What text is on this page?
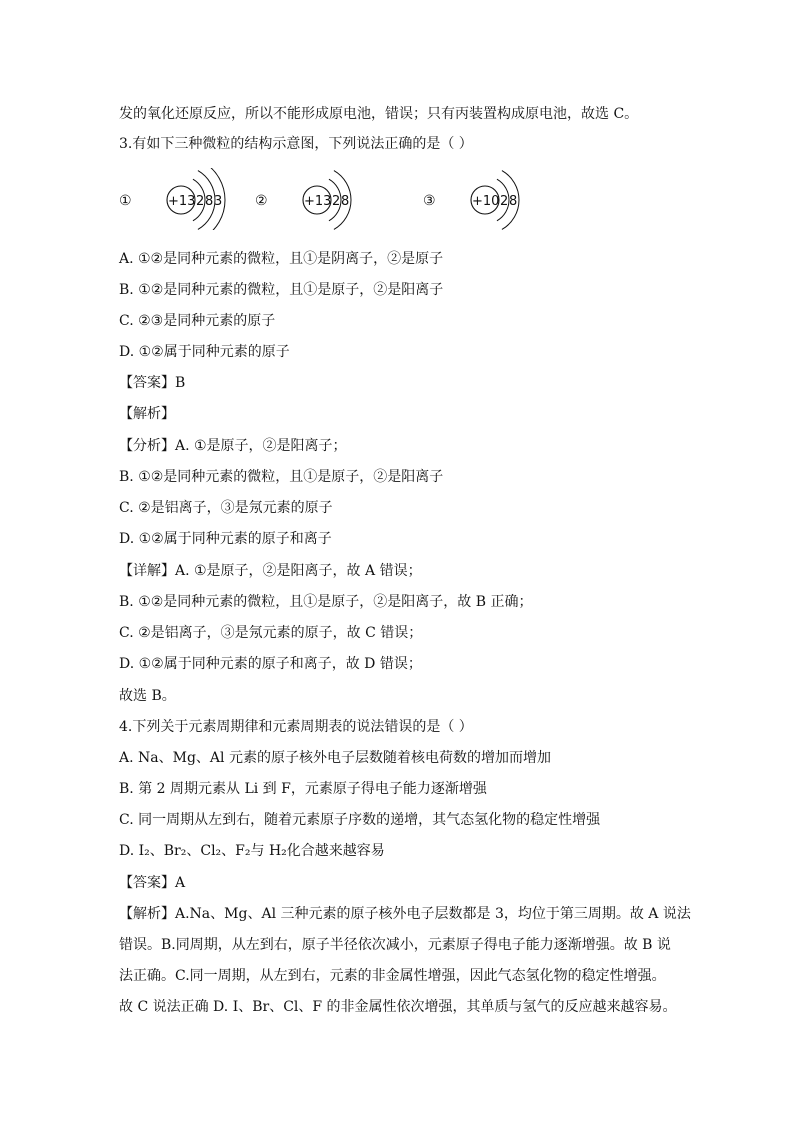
发的氧化还原反应，所以不能形成原电池，错误；只有丙装置构成原电池，故选 C。
3.有如下三种微粒的结构示意图，下列说法正确的是（ ）
A. ①②是同种元素的微粒，且①是阴离子，②是原子
B. ①②是同种元素的微粒，且①是原子，②是阳离子
C. ②③是同种元素的原子
D. ①②属于同种元素的原子
【答案】B
【解析】
【分析】A. ①是原子，②是阳离子；
B. ①②是同种元素的微粒，且①是原子，②是阳离子
C. ②是铝离子，③是氖元素的原子
D. ①②属于同种元素的原子和离子
【详解】A. ①是原子，②是阳离子，故 A 错误；
B. ①②是同种元素的微粒，且①是原子，②是阳离子，故 B 正确；
C. ②是铝离子，③是氖元素的原子，故 C 错误；
D. ①②属于同种元素的原子和离子，故 D 错误；
故选 B。
4.下列关于元素周期律和元素周期表的说法错误的是（ ）
A. Na、Mg、Al 元素的原子核外电子层数随着核电荷数的增加而增加
B. 第 2 周期元素从 Li 到 F，元素原子得电子能力逐渐增强
C. 同一周期从左到右，随着元素原子序数的递增，其气态氢化物的稳定性增强
D. I₂、Br₂、Cl₂、F₂与 H₂化合越来越容易
【答案】A
【解析】A.Na、Mg、Al 三种元素的原子核外电子层数都是 3，均位于第三周期。故 A 说法
错误。B.同周期，从左到右，原子半径依次减小，元素原子得电子能力逐渐增强。故 B 说
法正确。C.同一周期，从左到右，元素的非金属性增强，因此气态氢化物的稳定性增强。
故 C 说法正确 D. I、Br、Cl、F 的非金属性依次增强，其单质与氢气的反应越来越容易。
①	+13 2 8 3 ②	+13 2 8	③	+10 2 8
